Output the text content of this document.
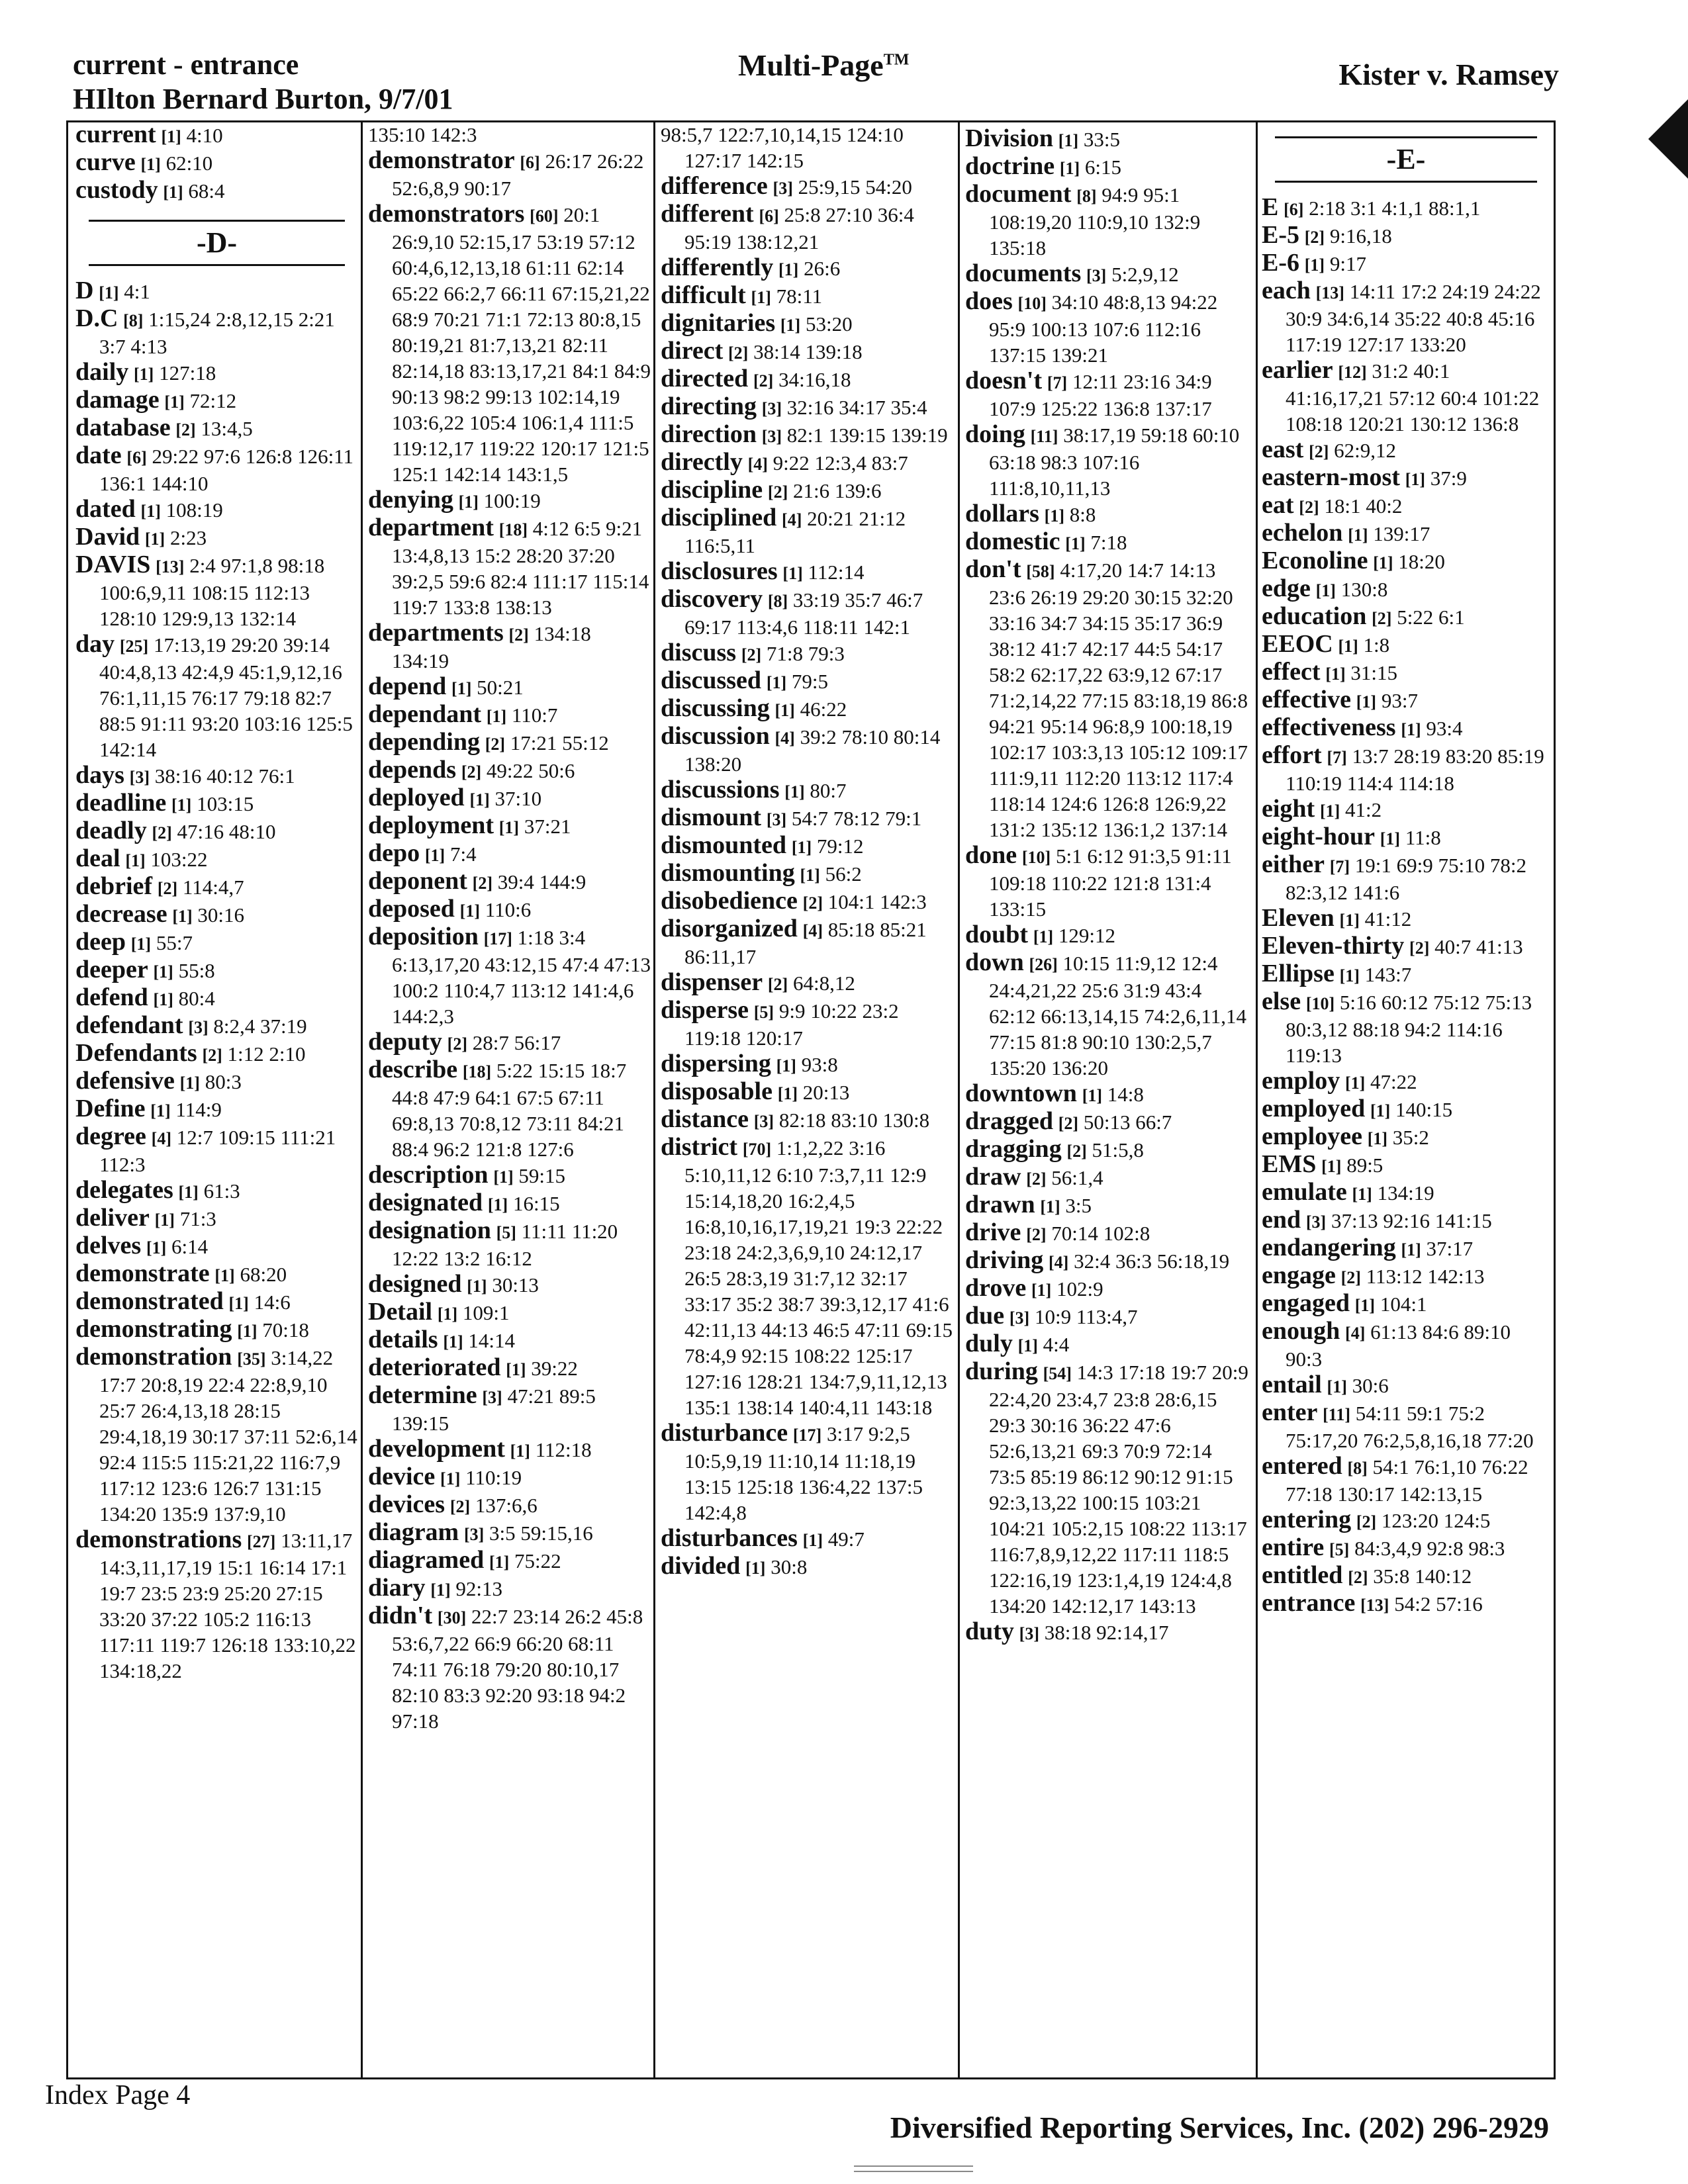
current - entrance
HIlton Bernard Burton, 9/7/01
Multi-Page™	Kister v. Ramsey
current [1] 4:10
curve [1] 62:10
custody [1] 68:4
-D-
D [1] 4:1
D.C [8] 1:15,24 2:8,12,15 2:21 3:7 4:13
daily [1] 127:18
damage [1] 72:12
database [2] 13:4,5
date [6] 29:22 97:6 126:8 126:11 136:1 144:10
dated [1] 108:19
David [1] 2:23
DAVIS [13] 2:4 97:1,8 98:18 100:6,9,11 108:15 112:13 128:10 129:9,13 132:14
day [25] 17:13,19 29:20 39:14 40:4,8,13 42:4,9 45:1,9,12,16 76:1,11,15 76:17 79:18 82:7 88:5 91:11 93:20 103:16 125:5 142:14
days [3] 38:16 40:12 76:1
deadline [1] 103:15
deadly [2] 47:16 48:10
deal [1] 103:22
debrief [2] 114:4,7
decrease [1] 30:16
deep [1] 55:7
deeper [1] 55:8
defend [1] 80:4
defendant [3] 8:2,4 37:19
Defendants [2] 1:12 2:10
defensive [1] 80:3
Define [1] 114:9
degree [4] 12:7 109:15 111:21 112:3
delegates [1] 61:3
deliver [1] 71:3
delves [1] 6:14
demonstrate [1] 68:20
demonstrated [1] 14:6
demonstrating [1] 70:18
demonstration [35] 3:14,22 17:7 20:8,19 22:4 22:8,9,10 25:7 26:4,13,18 28:15 29:4,18,19 30:17 37:11 52:6,14 92:4 115:5 115:21,22 116:7,9 117:12 123:6 126:7 131:15 134:20 135:9 137:9,10
demonstrations [27] 13:11,17 14:3,11,17,19 15:1 16:14 17:1 19:7 23:5 23:9 25:20 27:15 33:20 37:22 105:2 116:13 117:11 119:7 126:18 133:10,22 134:18,22
135:10 142:3
demonstrator [6] 26:17 26:22 52:6,8,9 90:17
demonstrators [60] 20:1 26:9,10 52:15,17 53:19 57:12 60:4,6,12,13,18 61:11 62:14 65:22 66:2,7 66:11 67:15,21,22 68:9 70:21 71:1 72:13 80:8,15 80:19,21 81:7,13,21 82:11 82:14,18 83:13,17,21 84:1 84:9 90:13 98:2 99:13 102:14,19 103:6,22 105:4 106:1,4 111:5 119:12,17 119:22 120:17 121:5 125:1 142:14 143:1,5
denying [1] 100:19
department [18] 4:12 6:5 9:21 13:4,8,13 15:2 28:20 37:20 39:2,5 59:6 82:4 111:17 115:14 119:7 133:8 138:13
departments [2] 134:18 134:19
depend [1] 50:21
dependant [1] 110:7
depending [2] 17:21 55:12
depends [2] 49:22 50:6
deployed [1] 37:10
deployment [1] 37:21
depo [1] 7:4
deponent [2] 39:4 144:9
deposed [1] 110:6
deposition [17] 1:18 3:4 6:13,17,20 43:12,15 47:4 47:13 100:2 110:4,7 113:12 141:4,6 144:2,3
deputy [2] 28:7 56:17
describe [18] 5:22 15:15 18:7 44:8 47:9 64:1 67:5 67:11 69:8,13 70:8,12 73:11 84:21 88:4 96:2 121:8 127:6
description [1] 59:15
designated [1] 16:15
designation [5] 11:11 11:20 12:22 13:2 16:12
designed [1] 30:13
Detail [1] 109:1
details [1] 14:14
deteriorated [1] 39:22
determine [3] 47:21 89:5 139:15
development [1] 112:18
device [1] 110:19
devices [2] 137:6,6
diagram [3] 3:5 59:15,16
diagramed [1] 75:22
diary [1] 92:13
didn't [30] 22:7 23:14 26:2 45:8 53:6,7,22 66:9 66:20 68:11 74:11 76:18 79:20 80:10,17 82:10 83:3 92:20 93:18 94:2 97:18
98:5,7 122:7,10,14,15 124:10 127:17 142:15
difference [3] 25:9,15 54:20
different [6] 25:8 27:10 36:4 95:19 138:12,21
differently [1] 26:6
difficult [1] 78:11
dignitaries [1] 53:20
direct [2] 38:14 139:18
directed [2] 34:16,18
directing [3] 32:16 34:17 35:4
direction [3] 82:1 139:15 139:19
directly [4] 9:22 12:3,4 83:7
discipline [2] 21:6 139:6
disciplined [4] 20:21 21:12 116:5,11
disclosures [1] 112:14
discovery [8] 33:19 35:7 46:7 69:17 113:4,6 118:11 142:1
discuss [2] 71:8 79:3
discussed [1] 79:5
discussing [1] 46:22
discussion [4] 39:2 78:10 80:14 138:20
discussions [1] 80:7
dismount [3] 54:7 78:12 79:1
dismounted [1] 79:12
dismounting [1] 56:2
disobedience [2] 104:1 142:3
disorganized [4] 85:18 85:21 86:11,17
dispenser [2] 64:8,12
disperse [5] 9:9 10:22 23:2 119:18 120:17
dispersing [1] 93:8
disposable [1] 20:13
distance [3] 82:18 83:10 130:8
district [70] 1:1,2,22 3:16 5:10,11,12 6:10 7:3,7,11 12:9 15:14,18,20 16:2,4,5 16:8,10,16,17,19,21 19:3 22:22 23:18 24:2,3,6,9,10 24:12,17 26:5 28:3,19 31:7,12 32:17 33:17 35:2 38:7 39:3,12,17 41:6 42:11,13 44:13 46:5 47:11 69:15 78:4,9 92:15 108:22 125:17 127:16 128:21 134:7,9,11,12,13 135:1 138:14 140:4,11 143:18
disturbance [17] 3:17 9:2,5 10:5,9,19 11:10,14 11:18,19 13:15 125:18 136:4,22 137:5 142:4,8
disturbances [1] 49:7
divided [1] 30:8
Division [1] 33:5
doctrine [1] 6:15
document [8] 94:9 95:1 108:19,20 110:9,10 132:9 135:18
documents [3] 5:2,9,12
does [10] 34:10 48:8,13 94:22 95:9 100:13 107:6 112:16 137:15 139:21
doesn't [7] 12:11 23:16 34:9 107:9 125:22 136:8 137:17
doing [11] 38:17,19 59:18 60:10 63:18 98:3 107:16 111:8,10,11,13
dollars [1] 8:8
domestic [1] 7:18
don't [58] 4:17,20 14:7 14:13 23:6 26:19 29:20 30:15 32:20 33:16 34:7 34:15 35:17 36:9 38:12 41:7 42:17 44:5 54:17 58:2 62:17,22 63:9,12 67:17 71:2,14,22 77:15 83:18,19 86:8 94:21 95:14 96:8,9 100:18,19 102:17 103:3,13 105:12 109:17 111:9,11 112:20 113:12 117:4 118:14 124:6 126:8 126:9,22 131:2 135:12 136:1,2 137:14
done [10] 5:1 6:12 91:3,5 91:11 109:18 110:22 121:8 131:4 133:15
doubt [1] 129:12
down [26] 10:15 11:9,12 12:4 24:4,21,22 25:6 31:9 43:4 62:12 66:13,14,15 74:2,6,11,14 77:15 81:8 90:10 130:2,5,7 135:20 136:20
downtown [1] 14:8
dragged [2] 50:13 66:7
dragging [2] 51:5,8
draw [2] 56:1,4
drawn [1] 3:5
drive [2] 70:14 102:8
driving [4] 32:4 36:3 56:18,19
drove [1] 102:9
due [3] 10:9 113:4,7
duly [1] 4:4
during [54] 14:3 17:18 19:7 20:9 22:4,20 23:4,7 23:8 28:6,15 29:3 30:16 36:22 47:6 52:6,13,21 69:3 70:9 72:14 73:5 85:19 86:12 90:12 91:15 92:3,13,22 100:15 103:21 104:21 105:2,15 108:22 113:17 116:7,8,9,12,22 117:11 118:5 122:16,19 123:1,4,19 124:4,8 134:20 142:12,17 143:13
duty [3] 38:18 92:14,17
-E-
E [6] 2:18 3:1 4:1,1 88:1,1
E-5 [2] 9:16,18
E-6 [1] 9:17
each [13] 14:11 17:2 24:19 24:22 30:9 34:6,14 35:22 40:8 45:16 117:19 127:17 133:20
earlier [12] 31:2 40:1 41:16,17,21 57:12 60:4 101:22 108:18 120:21 130:12 136:8
east [2] 62:9,12
eastern-most [1] 37:9
eat [2] 18:1 40:2
echelon [1] 139:17
Econoline [1] 18:20
edge [1] 130:8
education [2] 5:22 6:1
EEOC [1] 1:8
effect [1] 31:15
effective [1] 93:7
effectiveness [1] 93:4
effort [7] 13:7 28:19 83:20 85:19 110:19 114:4 114:18
eight [1] 41:2
eight-hour [1] 11:8
either [7] 19:1 69:9 75:10 78:2 82:3,12 141:6
Eleven [1] 41:12
Eleven-thirty [2] 40:7 41:13
Ellipse [1] 143:7
else [10] 5:16 60:12 75:12 75:13 80:3,12 88:18 94:2 114:16 119:13
employ [1] 47:22
employed [1] 140:15
employee [1] 35:2
EMS [1] 89:5
emulate [1] 134:19
end [3] 37:13 92:16 141:15
endangering [1] 37:17
engage [2] 113:12 142:13
engaged [1] 104:1
enough [4] 61:13 84:6 89:10 90:3
entail [1] 30:6
enter [11] 54:11 59:1 75:2 75:17,20 76:2,5,8,16,18 77:20
entered [8] 54:1 76:1,10 76:22 77:18 130:17 142:13,15
entering [2] 123:20 124:5
entire [5] 84:3,4,9 92:8 98:3
entitled [2] 35:8 140:12
entrance [13] 54:2 57:16
Index Page 4
Diversified Reporting Services, Inc. (202) 296-2929
